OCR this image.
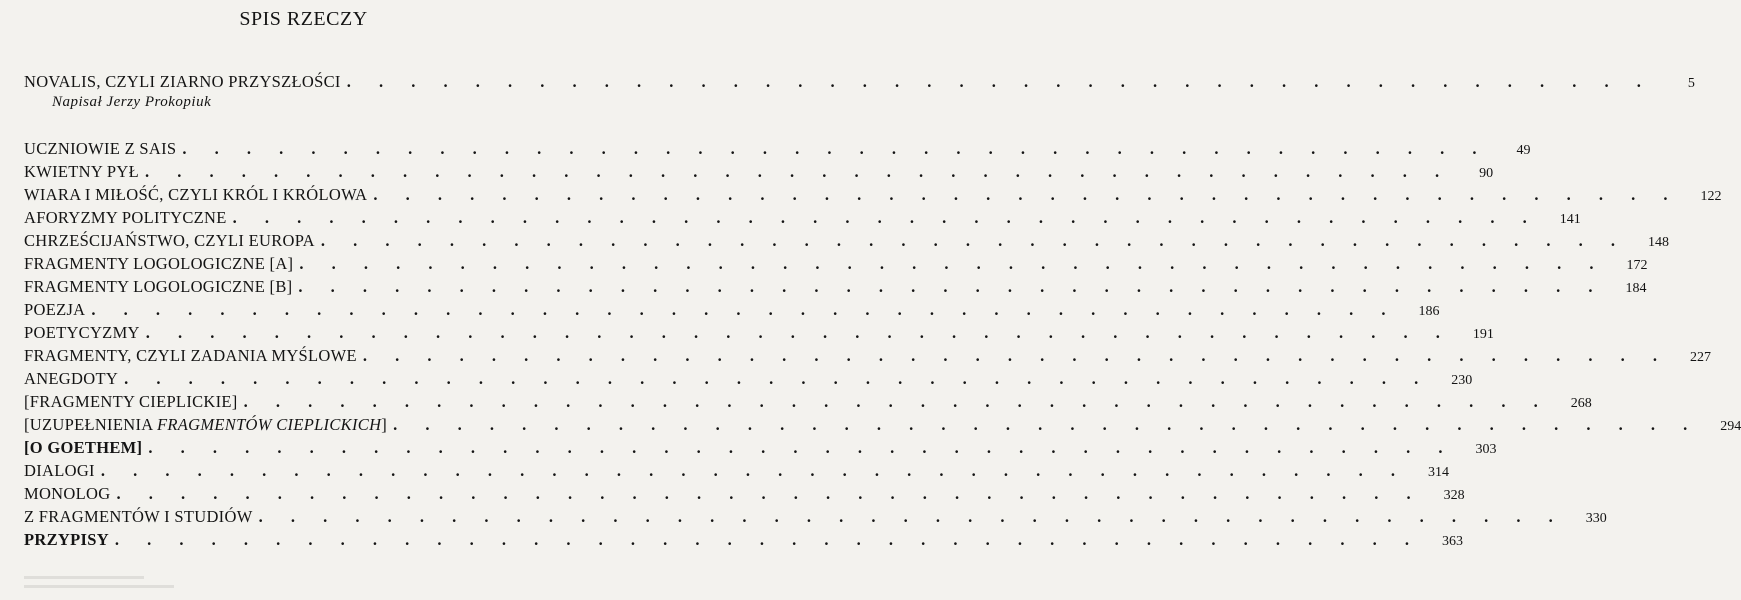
SPIS RZECZY
NOVALIS, CZYLI ZIARNO PRZYSZŁOŚCI . . . . . . . . . . . . . . . . . . . . . . . . . . . . . . . . . . . . . . . . .	5
Napisał Jerzy Prokopiuk
UCZNIOWIE Z SAIS . . . . . . . . . . . . . . . . . . . . . . . . . . . . . . . . . . . . . . . . .	49
KWIETNY PYŁ . . . . . . . . . . . . . . . . . . . . . . . . . . . . . . . . . . . . . . . . .	90
WIARA I MIŁOŚĆ, CZYLI KRÓL I KRÓLOWA . . . . . . . . . . . . . . . . . . . . . . . . . . . . . . . . . . . . . . . . .	122
AFORYZMY POLITYCZNE . . . . . . . . . . . . . . . . . . . . . . . . . . . . . . . . . . . . . . . . .	141
CHRZEŚCIJAŃSTWO, CZYLI EUROPA . . . . . . . . . . . . . . . . . . . . . . . . . . . . . . . . . . . . . . . . .	148
FRAGMENTY LOGOLOGICZNE [A] . . . . . . . . . . . . . . . . . . . . . . . . . . . . . . . . . . . . . . . . .	172
FRAGMENTY LOGOLOGICZNE [B] . . . . . . . . . . . . . . . . . . . . . . . . . . . . . . . . . . . . . . . . .	184
POEZJA . . . . . . . . . . . . . . . . . . . . . . . . . . . . . . . . . . . . . . . . .	186
POETYCYZMY . . . . . . . . . . . . . . . . . . . . . . . . . . . . . . . . . . . . . . . . .	191
FRAGMENTY, CZYLI ZADANIA MYŚLOWE . . . . . . . . . . . . . . . . . . . . . . . . . . . . . . . . . . . . . . . . .	227
ANEGDOTY . . . . . . . . . . . . . . . . . . . . . . . . . . . . . . . . . . . . . . . . .	230
[FRAGMENTY CIEPLICKIE] . . . . . . . . . . . . . . . . . . . . . . . . . . . . . . . . . . . . . . . . .	268
[UZUPEŁNIENIA FRAGMENTÓW CIEPLICKICH] . . . . . . . . . . . . . . . . . . . . . . . . . . . . . . . . . . . . . . . . .	294
[O GOETHEM] . . . . . . . . . . . . . . . . . . . . . . . . . . . . . . . . . . . . . . . . .	303
DIALOGI . . . . . . . . . . . . . . . . . . . . . . . . . . . . . . . . . . . . . . . . .	314
MONOLOG . . . . . . . . . . . . . . . . . . . . . . . . . . . . . . . . . . . . . . . . .	328
Z FRAGMENTÓW I STUDIÓW . . . . . . . . . . . . . . . . . . . . . . . . . . . . . . . . . . . . . . . . .	330
PRZYPISY . . . . . . . . . . . . . . . . . . . . . . . . . . . . . . . . . . . . . . . . .	363
